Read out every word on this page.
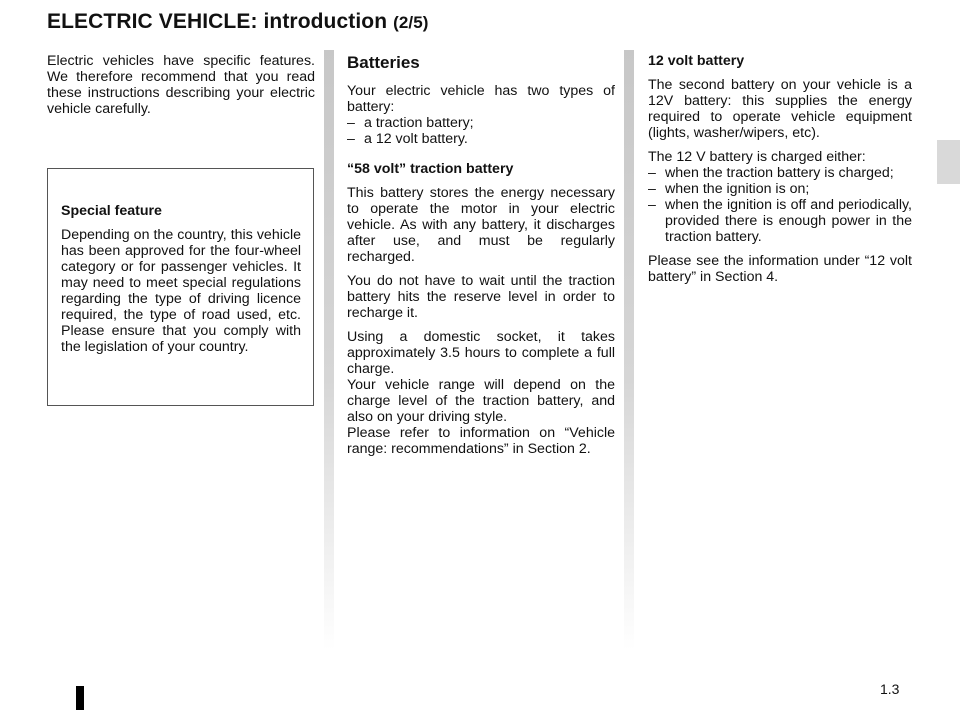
ELECTRIC VEHICLE: introduction (2/5)

Electric vehicles have specific features. We therefore recommend that you read these instructions describing your electric vehicle carefully.

Special feature

Depending on the country, this vehicle has been approved for the four-wheel category or for passenger vehicles. It may need to meet special regulations regarding the type of driving licence required, the type of road used, etc. Please ensure that you comply with the legislation of your country.

Batteries

Your electric vehicle has two types of battery:

– a traction battery;
– a 12 volt battery.
“58 volt” traction battery

This battery stores the energy necessary to operate the motor in your electric vehicle. As with any battery, it discharges after use, and must be regularly recharged.

You do not have to wait until the traction battery hits the reserve level in order to recharge it.

Using a domestic socket, it takes approximately 3.5 hours to complete a full charge.

Your vehicle range will depend on the charge level of the traction battery, and also on your driving style.

Please refer to information on “Vehicle range: recommendations” in Section 2.

12 volt battery

The second battery on your vehicle is a 12V battery: this supplies the energy required to operate vehicle equipment (lights, washer/wipers, etc).

The 12 V battery is charged either:

– when the traction battery is charged;
– when the ignition is on;
– when the ignition is off and periodically, provided there is enough power in the traction battery.

Please see the information under “12 volt battery” in Section 4.

1.3
